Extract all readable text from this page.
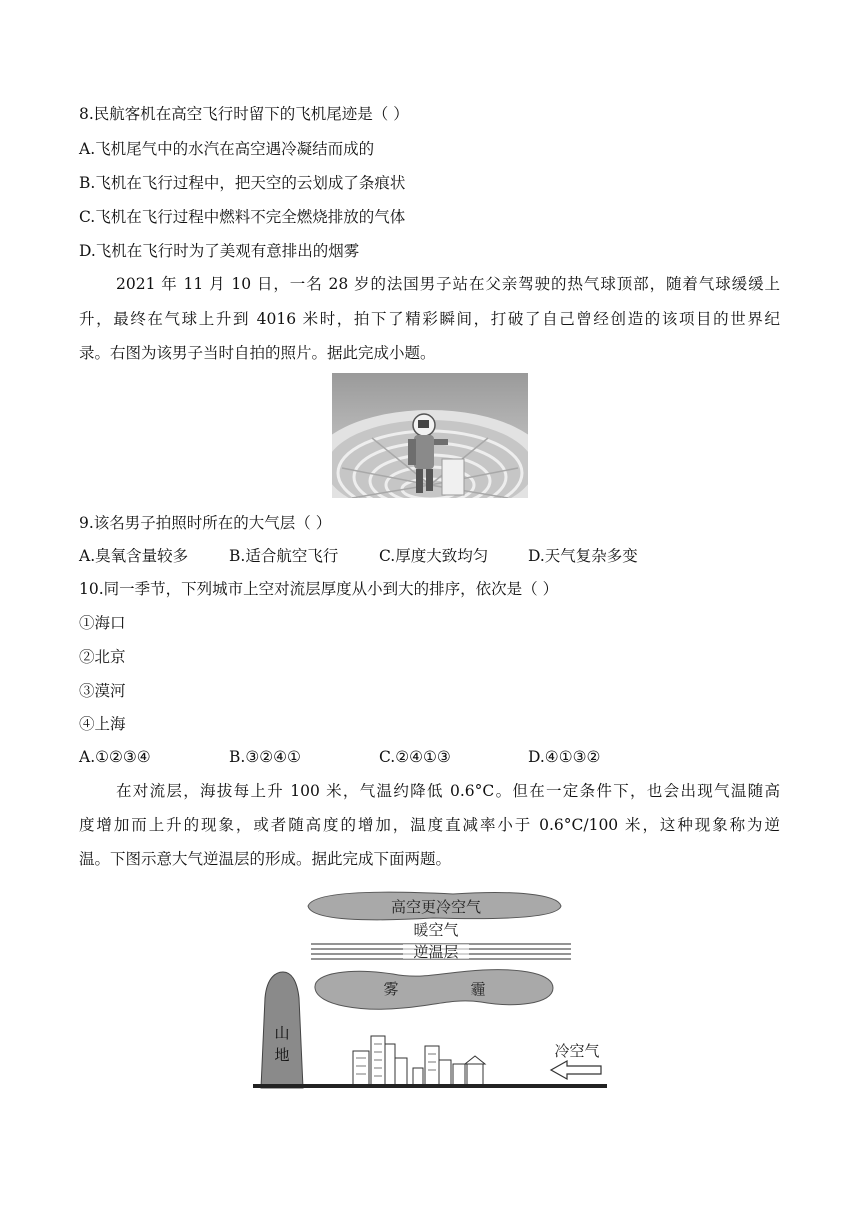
8.民航客机在高空飞行时留下的飞机尾迹是（ ）
A.飞机尾气中的水汽在高空遇冷凝结而成的
B.飞机在飞行过程中，把天空的云划成了条痕状
C.飞机在飞行过程中燃料不完全燃烧排放的气体
D.飞机在飞行时为了美观有意排出的烟雾
2021 年 11 月 10 日，一名 28 岁的法国男子站在父亲驾驶的热气球顶部，随着气球缓缓上
升，最终在气球上升到 4016 米时，拍下了精彩瞬间，打破了自己曾经创造的该项目的世界纪
录。右图为该男子当时自拍的照片。据此完成小题。
9.该名男子拍照时所在的大气层（ ）
A.臭氧含量较多	B.适合航空飞行	C.厚度大致均匀	D.天气复杂多变
10.同一季节，下列城市上空对流层厚度从小到大的排序，依次是（ ）
①海口
②北京
③漠河
④上海
A.①②③④	B.③②④①	C.②④①③	D.④①③②
在对流层，海拔每上升 100 米，气温约降低 0.6°C。但在一定条件下，也会出现气温随高
度增加而上升的现象，或者随高度的增加，温度直减率小于 0.6°C/100 米，这种现象称为逆
温。下图示意大气逆温层的形成。据此完成下面两题。
高空更冷空气
暖空气
逆温层
雾	霾
山
地	冷空气
